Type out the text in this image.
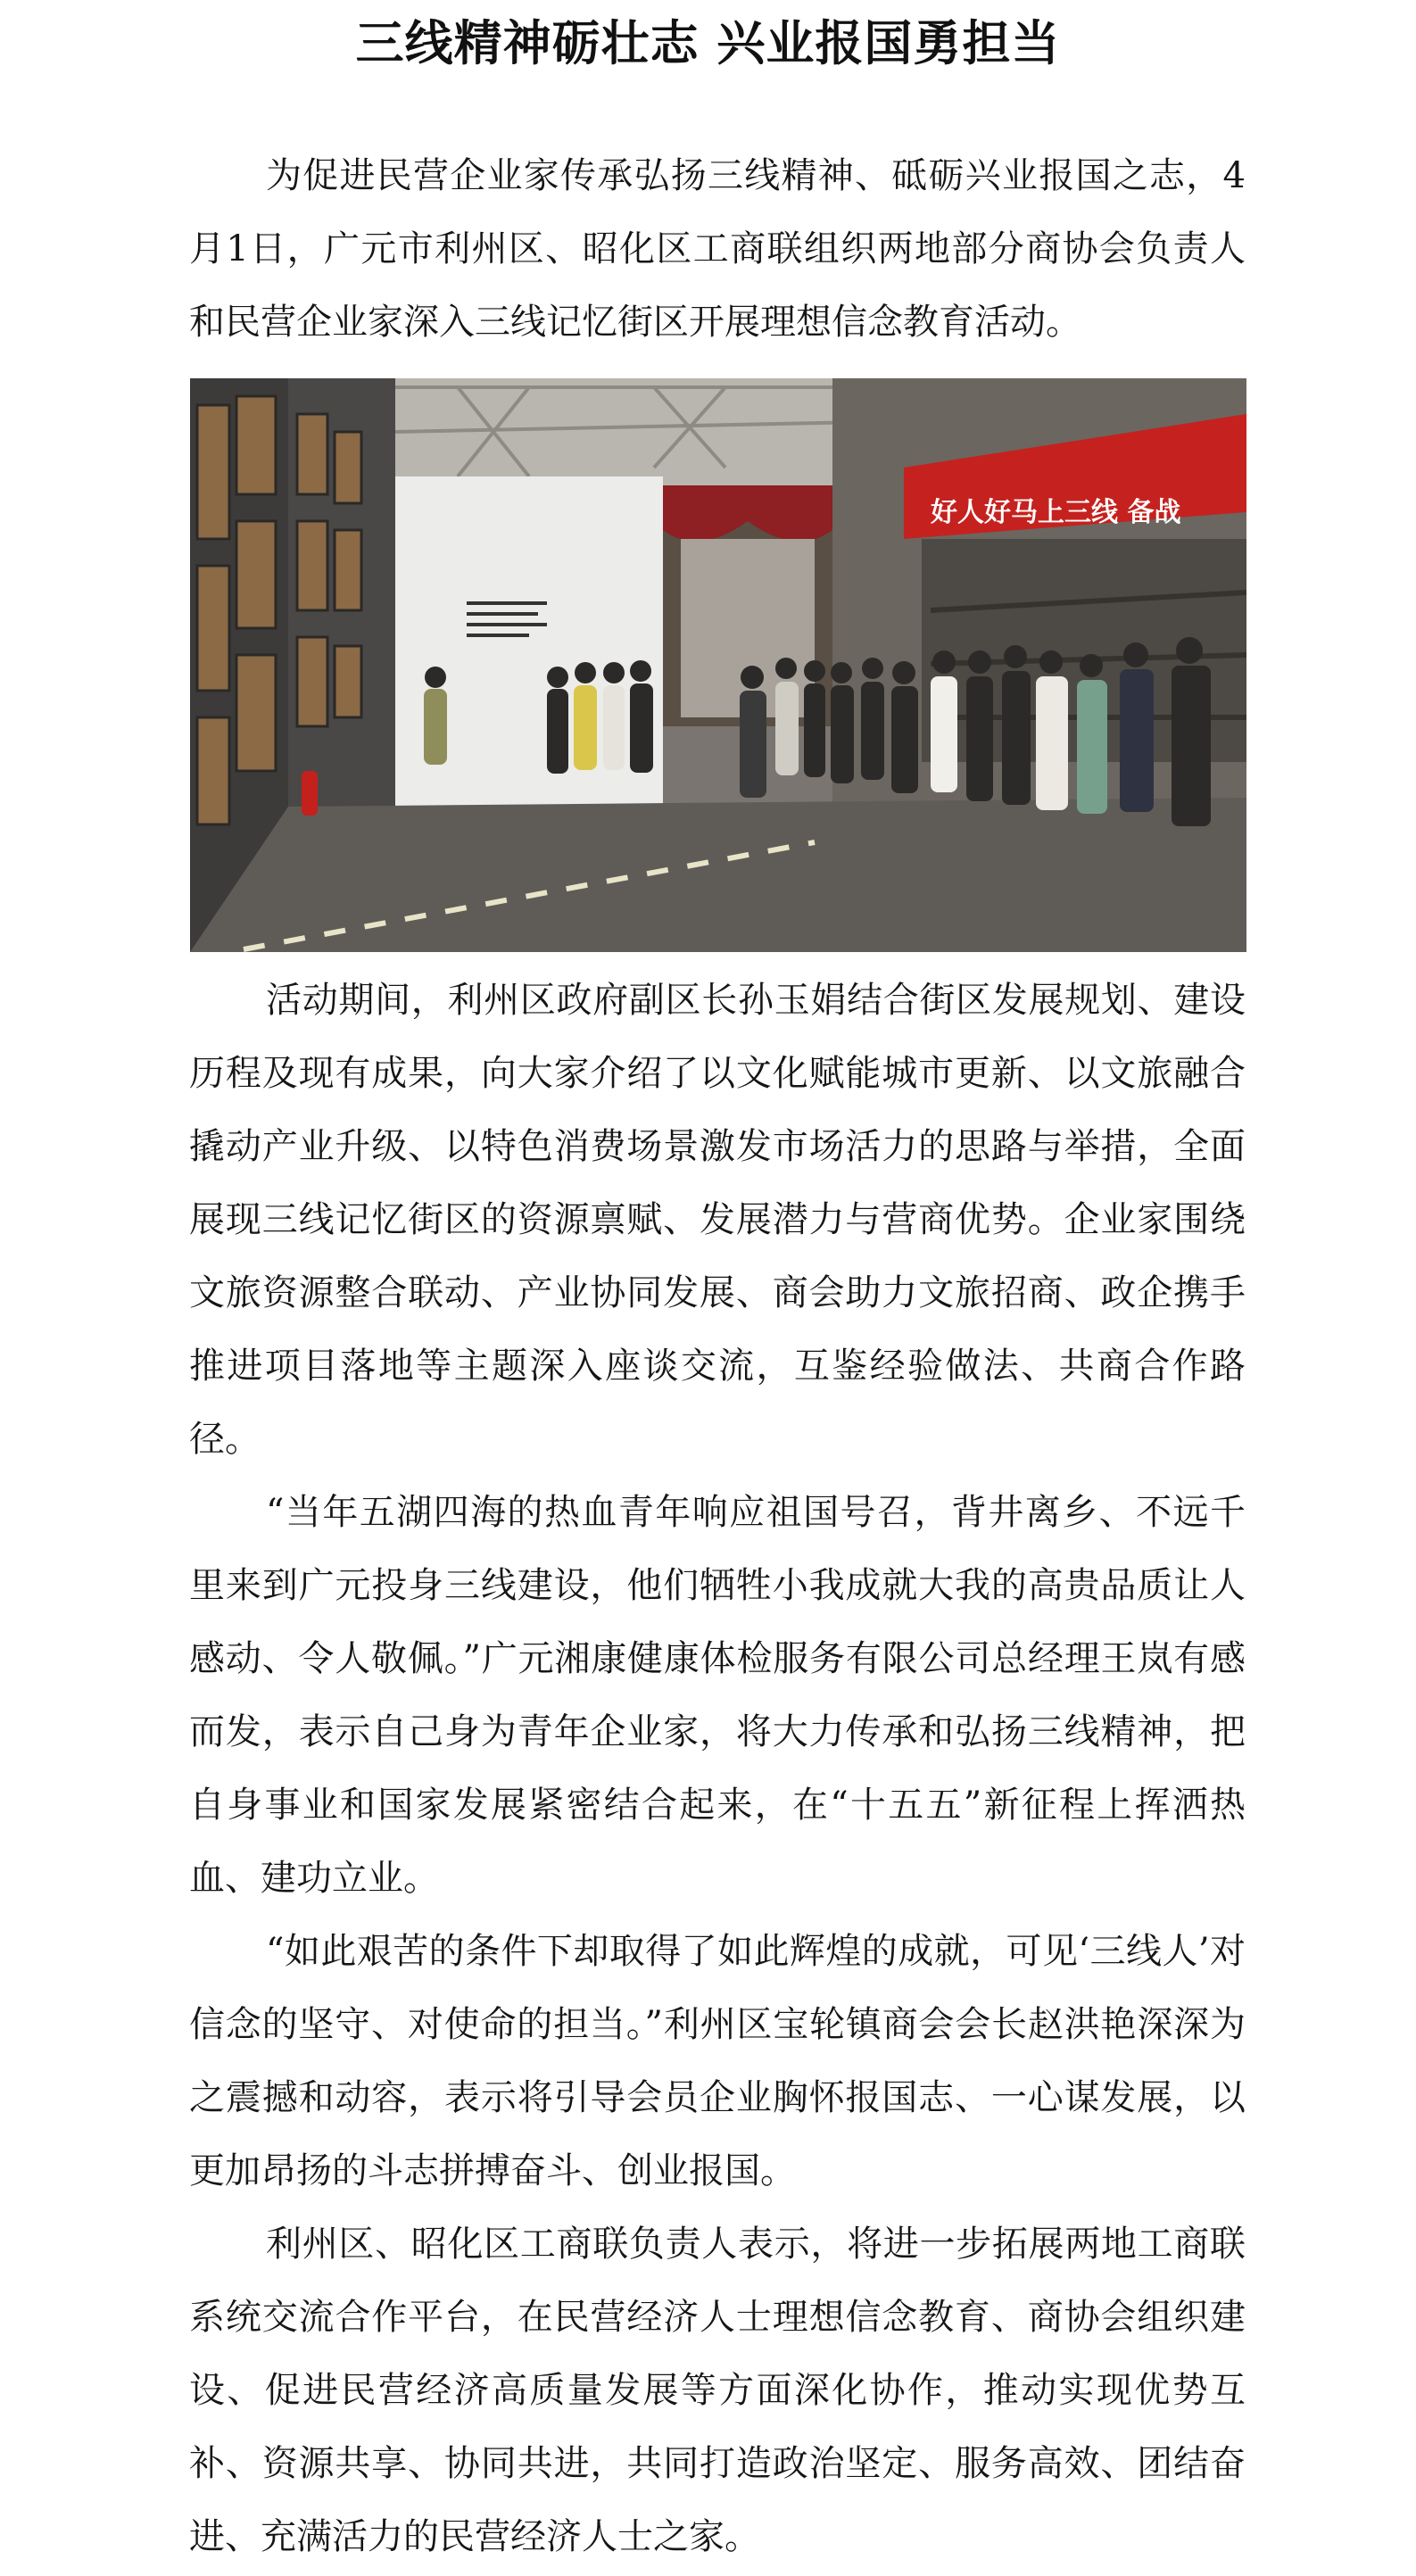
三线精神砺壮志 兴业报国勇担当

为促进民营企业家传承弘扬三线精神、砥砺兴业报国之志，4月1日，广元市利州区、昭化区工商联组织两地部分商协会负责人和民营企业家深入三线记忆街区开展理想信念教育活动。

好人好马上三线 备战

活动期间，利州区政府副区长孙玉娟结合街区发展规划、建设历程及现有成果，向大家介绍了以文化赋能城市更新、以文旅融合撬动产业升级、以特色消费场景激发市场活力的思路与举措，全面展现三线记忆街区的资源禀赋、发展潜力与营商优势。企业家围绕文旅资源整合联动、产业协同发展、商会助力文旅招商、政企携手推进项目落地等主题深入座谈交流，互鉴经验做法、共商合作路径。

“当年五湖四海的热血青年响应祖国号召，背井离乡、不远千里来到广元投身三线建设，他们牺牲小我成就大我的高贵品质让人感动、令人敬佩。”广元湘康健康体检服务有限公司总经理王岚有感而发，表示自己身为青年企业家，将大力传承和弘扬三线精神，把自身事业和国家发展紧密结合起来，在“十五五”新征程上挥洒热血、建功立业。

“如此艰苦的条件下却取得了如此辉煌的成就，可见‘三线人’对信念的坚守、对使命的担当。”利州区宝轮镇商会会长赵洪艳深深为之震撼和动容，表示将引导会员企业胸怀报国志、一心谋发展，以更加昂扬的斗志拼搏奋斗、创业报国。

利州区、昭化区工商联负责人表示，将进一步拓展两地工商联系统交流合作平台，在民营经济人士理想信念教育、商协会组织建设、促进民营经济高质量发展等方面深化协作，推动实现优势互补、资源共享、协同共进，共同打造政治坚定、服务高效、团结奋进、充满活力的民营经济人士之家。
